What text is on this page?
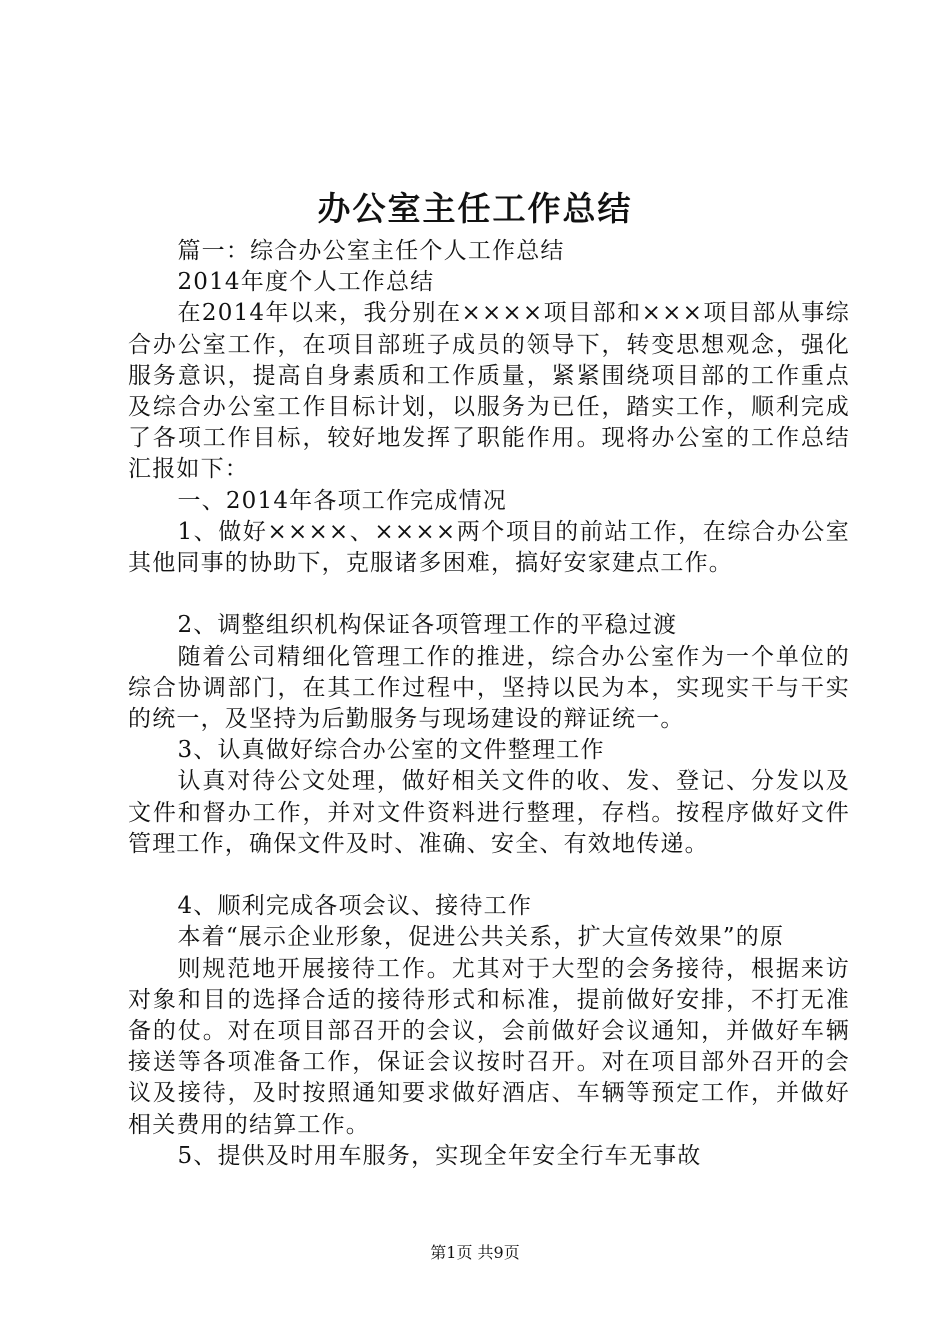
办公室主任工作总结

篇一：综合办公室主任个人工作总结

2014年度个人工作总结

在2014年以来，我分别在××××项目部和×××项目部从事综合办公室工作，在项目部班子成员的领导下，转变思想观念，强化服务意识，提高自身素质和工作质量，紧紧围绕项目部的工作重点及综合办公室工作目标计划，以服务为已任，踏实工作，顺利完成了各项工作目标，较好地发挥了职能作用。现将办公室的工作总结汇报如下：

一、2014年各项工作完成情况

1、做好××××、××××两个项目的前站工作，在综合办公室其他同事的协助下，克服诸多困难，搞好安家建点工作。

2、调整组织机构保证各项管理工作的平稳过渡

随着公司精细化管理工作的推进，综合办公室作为一个单位的综合协调部门，在其工作过程中，坚持以民为本，实现实干与干实的统一，及坚持为后勤服务与现场建设的辩证统一。

3、认真做好综合办公室的文件整理工作

认真对待公文处理，做好相关文件的收、发、登记、分发以及文件和督办工作，并对文件资料进行整理，存档。按程序做好文件管理工作，确保文件及时、准确、安全、有效地传递。

4、顺利完成各项会议、接待工作

本着“展示企业形象，促进公共关系，扩大宣传效果”的原

则规范地开展接待工作。尤其对于大型的会务接待，根据来访对象和目的选择合适的接待形式和标准，提前做好安排，不打无准备的仗。对在项目部召开的会议，会前做好会议通知，并做好车辆接送等各项准备工作，保证会议按时召开。对在项目部外召开的会议及接待，及时按照通知要求做好酒店、车辆等预定工作，并做好相关费用的结算工作。

5、提供及时用车服务，实现全年安全行车无事故

第1页 共9页
